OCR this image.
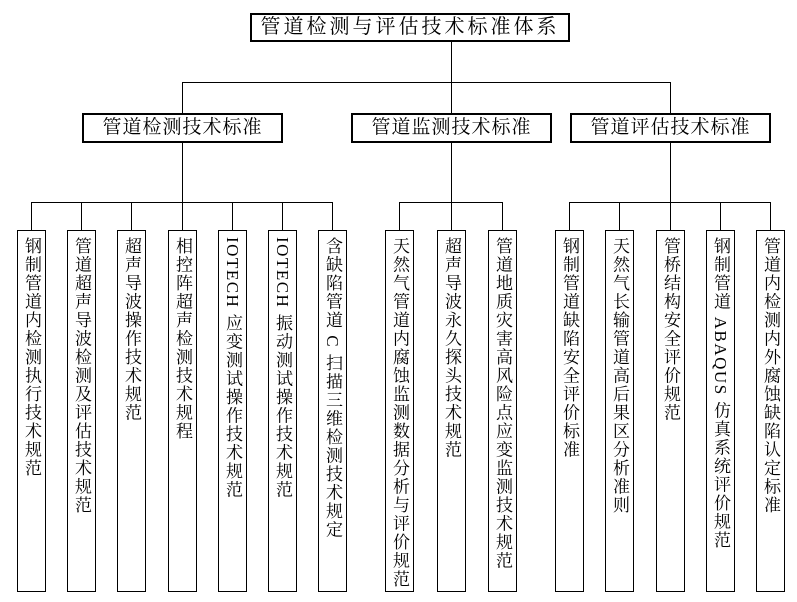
管道检测与评估技术标准体系
管道检测技术标准	管道监测技术标准	管道评估技术标准
钢制管道内检测执行技术规范 管道超声导波检测及评估技术规范 超声导波操作技术规范 相控阵超声检测技术规程 IOTECH 应变测试操作技术规范 IOTECH 振动测试操作技术规范 含缺陷管道 C 扫描三维检测技术规定	天然气管道内腐蚀监测数据分析与评价规范 超声导波永久探头技术规范 管道地质灾害高风险点应变监测技术规范	钢制管道缺陷安全评价标准 天然气长输管道高后果区分析准则 管桥结构安全评价规范 钢制管道 ABAQUS 仿真系统评价规范 管道内检测内外腐蚀缺陷认定标准
